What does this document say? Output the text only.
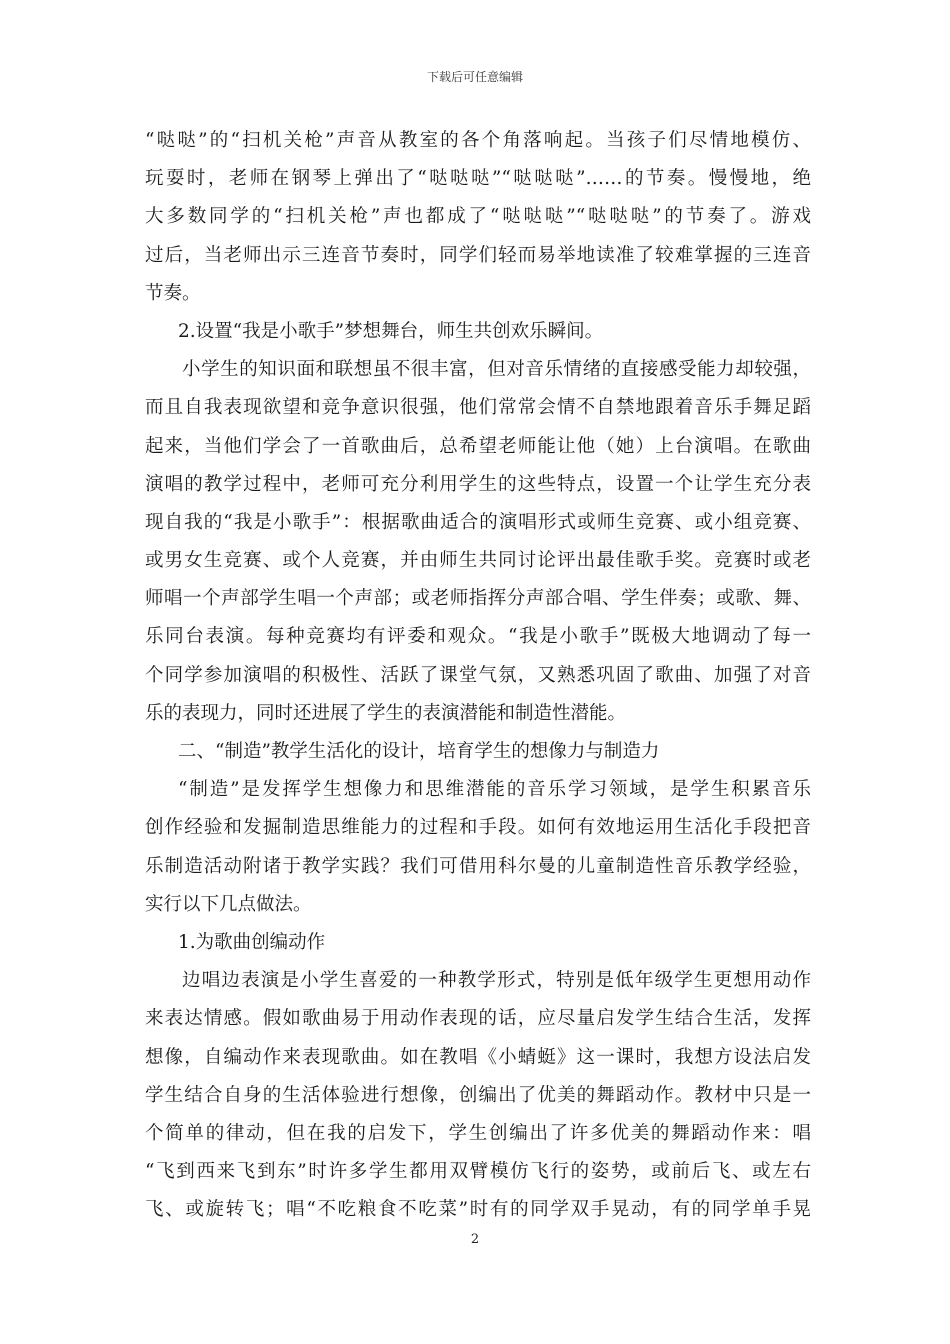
下载后可任意编辑
“哒哒”的“扫机关枪”声音从教室的各个角落响起。当孩子们尽情地模仿、
玩耍时，老师在钢琴上弹出了“哒哒哒”“哒哒哒”……的节奏。慢慢地，绝
大多数同学的“扫机关枪”声也都成了“哒哒哒”“哒哒哒”的节奏了。游戏
过后，当老师出示三连音节奏时，同学们轻而易举地读准了较难掌握的三连音
节奏。
2.设置“我是小歌手”梦想舞台，师生共创欢乐瞬间。
小学生的知识面和联想虽不很丰富，但对音乐情绪的直接感受能力却较强，
而且自我表现欲望和竞争意识很强，他们常常会情不自禁地跟着音乐手舞足蹈
起来，当他们学会了一首歌曲后，总希望老师能让他（她）上台演唱。在歌曲
演唱的教学过程中，老师可充分利用学生的这些特点，设置一个让学生充分表
现自我的“我是小歌手”：根据歌曲适合的演唱形式或师生竞赛、或小组竞赛、
或男女生竞赛、或个人竞赛，并由师生共同讨论评出最佳歌手奖。竞赛时或老
师唱一个声部学生唱一个声部；或老师指挥分声部合唱、学生伴奏；或歌、舞、
乐同台表演。每种竞赛均有评委和观众。“我是小歌手”既极大地调动了每一
个同学参加演唱的积极性、活跃了课堂气氛，又熟悉巩固了歌曲、加强了对音
乐的表现力，同时还进展了学生的表演潜能和制造性潜能。
二、“制造”教学生活化的设计，培育学生的想像力与制造力
“制造”是发挥学生想像力和思维潜能的音乐学习领域，是学生积累音乐
创作经验和发掘制造思维能力的过程和手段。如何有效地运用生活化手段把音
乐制造活动附诸于教学实践？我们可借用科尔曼的儿童制造性音乐教学经验，
实行以下几点做法。
1.为歌曲创编动作
边唱边表演是小学生喜爱的一种教学形式，特别是低年级学生更想用动作
来表达情感。假如歌曲易于用动作表现的话，应尽量启发学生结合生活，发挥
想像，自编动作来表现歌曲。如在教唱《小蜻蜓》这一课时，我想方设法启发
学生结合自身的生活体验进行想像，创编出了优美的舞蹈动作。教材中只是一
个简单的律动，但在我的启发下，学生创编出了许多优美的舞蹈动作来：唱
“飞到西来飞到东”时许多学生都用双臂模仿飞行的姿势，或前后飞、或左右
飞、或旋转飞；唱“不吃粮食不吃菜”时有的同学双手晃动，有的同学单手晃
2
